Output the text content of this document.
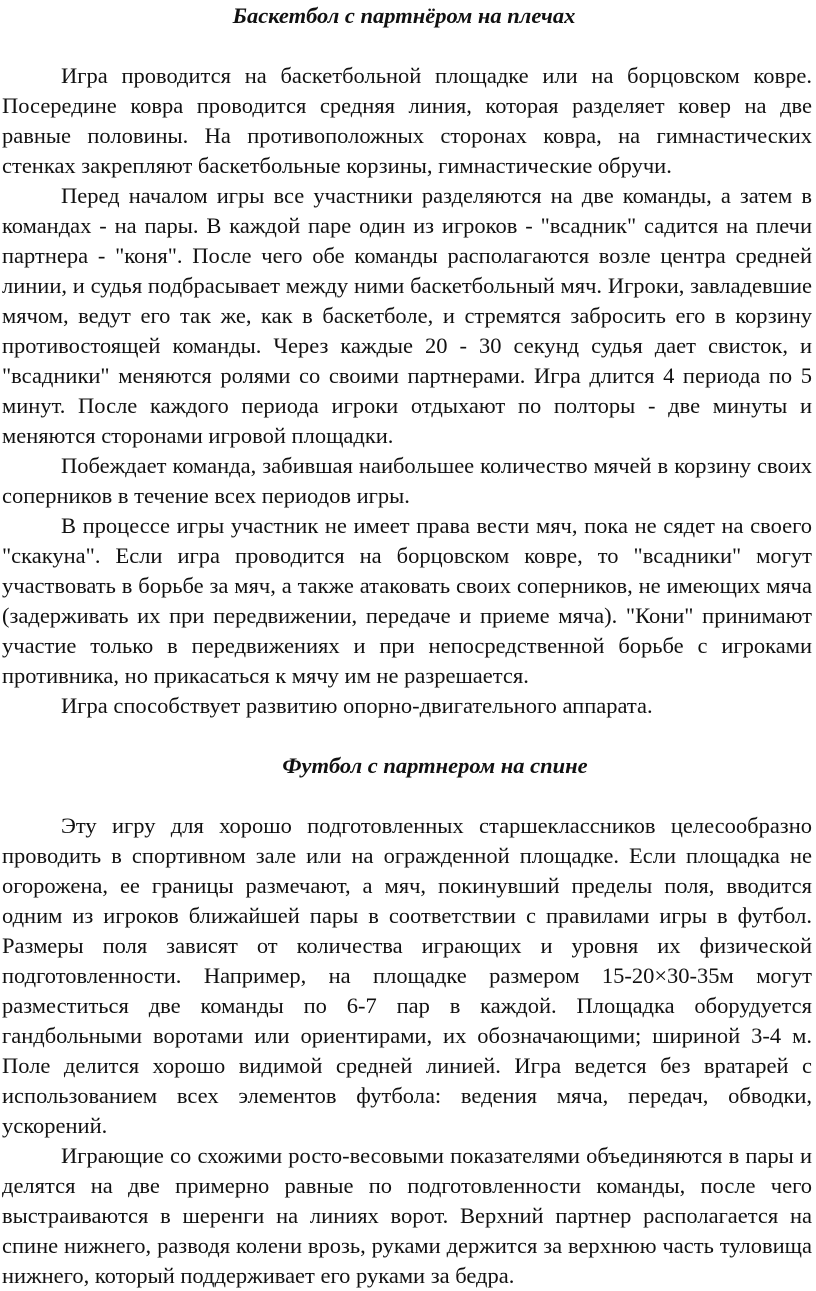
Баскетбол с партнёром на плечах

Игра проводится на баскетбольной площадке или на борцовском ковре. Посередине ковра проводится средняя линия, которая разделяет ковер на две равные половины. На противоположных сторонах ковра, на гимнастических стенках закрепляют баскетбольные корзины, гимнастические обручи.

Перед началом игры все участники разделяются на две команды, а затем в командах - на пары. В каждой паре один из игроков - "всадник" садится на плечи партнера - "коня". После чего обе команды располагаются возле центра средней линии, и судья подбрасывает между ними баскетбольный мяч. Игроки, завладевшие мячом, ведут его так же, как в баскетболе, и стремятся забросить его в корзину противостоящей команды. Через каждые 20 - 30 секунд судья дает свисток, и "всадники" меняются ролями со своими партнерами. Игра длится 4 периода по 5 минут. После каждого периода игроки отдыхают по полторы - две минуты и меняются сторонами игровой площадки.

Побеждает команда, забившая наибольшее количество мячей в корзину своих соперников в течение всех периодов игры.

В процессе игры участник не имеет права вести мяч, пока не сядет на своего "скакуна". Если игра проводится на борцовском ковре, то "всадники" могут участвовать в борьбе за мяч, а также атаковать своих соперников, не имеющих мяча (задерживать их при передвижении, передаче и приеме мяча). "Кони" принимают участие только в передвижениях и при непосредственной борьбе с игроками противника, но прикасаться к мячу им не разрешается.

Игра способствует развитию опорно-двигательного аппарата.

Футбол с партнером на спине

Эту игру для хорошо подготовленных старшеклассников целесообразно проводить в спортивном зале или на огражденной площадке. Если площадка не огорожена, ее границы размечают, а мяч, покинувший пределы поля, вводится одним из игроков ближайшей пары в соответствии с правилами игры в футбол. Размеры поля зависят от количества играющих и уровня их физической подготовленности. Например, на площадке размером 15-20×30-35м могут разместиться две команды по 6-7 пар в каждой. Площадка оборудуется гандбольными воротами или ориентирами, их обозначающими; шириной 3-4 м. Поле делится хорошо видимой средней линией. Игра ведется без вратарей с использованием всех элементов футбола: ведения мяча, передач, обводки, ускорений.

Играющие со схожими росто-весовыми показателями объединяются в пары и делятся на две примерно равные по подготовленности команды, после чего выстраиваются в шеренги на линиях ворот. Верхний партнер располагается на спине нижнего, разводя колени врозь, руками держится за верхнюю часть туловища нижнего, который поддерживает его руками за бедра.
